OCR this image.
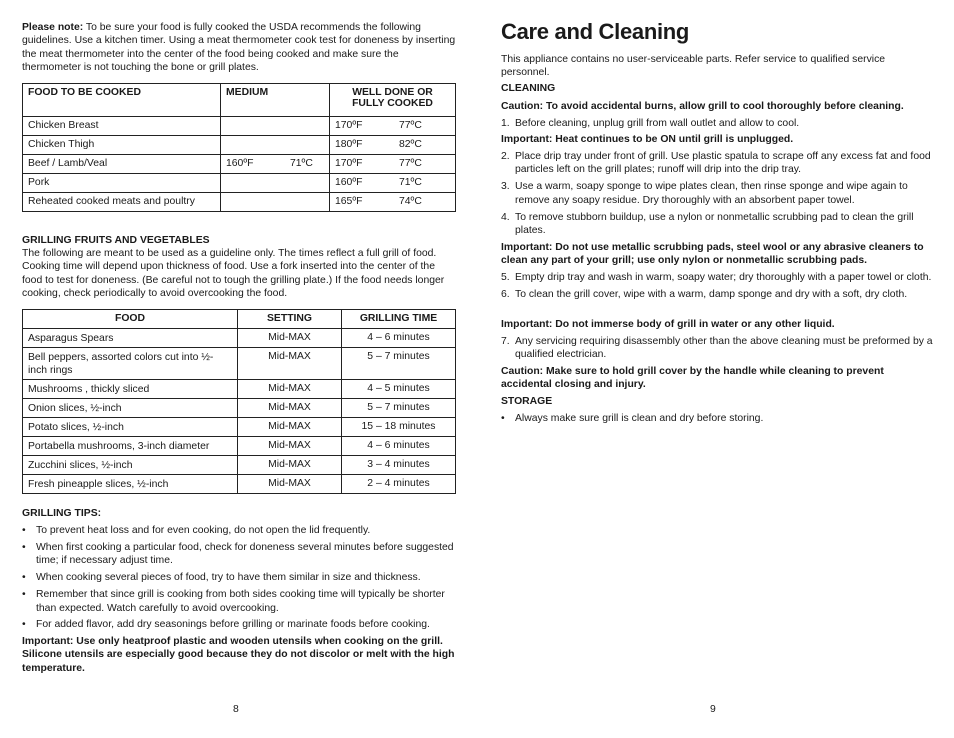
Please note: To be sure your food is fully cooked the USDA recommends the following guidelines. Use a kitchen timer. Using a meat thermometer cook test for doneness by inserting the meat thermometer into the center of the food being cooked and make sure the thermometer is not touching the bone or grill plates.

FOOD TO BE COOKED	MEDIUM	WELL DONE OR FULLY COOKED
Chicken Breast		170ºF 77ºC

Chicken Thigh		180ºF 82ºC

Beef / Lamb/Veal	160ºF 71ºC	170ºF 77ºC

Pork		160ºF 71ºC

Reheated cooked meats and poultry		165ºF 74ºC

GRILLING FRUITS AND VEGETABLES

The following are meant to be used as a guideline only. The times reflect a full grill of food. Cooking time will depend upon thickness of food. Use a fork inserted into the center of the food to test for doneness. (Be careful not to tough the grilling plate.) If the food needs longer cooking, check periodically to avoid overcooking the food.

FOOD	SETTING	GRILLING TIME
Asparagus Spears	Mid-MAX	4 – 6 minutes
Bell peppers, assorted colors cut into ½-inch rings	Mid-MAX	5 – 7 minutes
Mushrooms , thickly sliced	Mid-MAX	4 – 5 minutes
Onion slices, ½-inch	Mid-MAX	5 – 7 minutes
Potato slices, ½-inch	Mid-MAX	15 – 18 minutes
Portabella mushrooms, 3-inch diameter	Mid-MAX	4 – 6 minutes
Zucchini slices, ½-inch	Mid-MAX	3 – 4 minutes
Fresh pineapple slices, ½-inch	Mid-MAX	2 – 4 minutes

GRILLING TIPS:

• To prevent heat loss and for even cooking, do not open the lid frequently.
• When first cooking a particular food, check for doneness several minutes before suggested time; if necessary adjust time.
• When cooking several pieces of food, try to have them similar in size and thickness.
• Remember that since grill is cooking from both sides cooking time will typically be shorter than expected. Watch carefully to avoid overcooking.
• For added flavor, add dry seasonings before grilling or marinate foods before cooking.

Important: Use only heatproof plastic and wooden utensils when cooking on the grill. Silicone utensils are especially good because they do not discolor or melt with the high temperature.

8
Care and Cleaning

This appliance contains no user-serviceable parts. Refer service to qualified service personnel.

CLEANING

Caution: To avoid accidental burns, allow grill to cool thoroughly before cleaning.

1. Before cleaning, unplug grill from wall outlet and allow to cool.

Important: Heat continues to be ON until grill is unplugged.

2. Place drip tray under front of grill. Use plastic spatula to scrape off any excess fat and food particles left on the grill plates; runoff will drip into the drip tray.
3. Use a warm, soapy sponge to wipe plates clean, then rinse sponge and wipe again to remove any soapy residue. Dry thoroughly with an absorbent paper towel.
4. To remove stubborn buildup, use a nylon or nonmetallic scrubbing pad to clean the grill plates.

Important: Do not use metallic scrubbing pads, steel wool or any abrasive cleaners to clean any part of your grill; use only nylon or nonmetallic scrubbing pads.

5. Empty drip tray and wash in warm, soapy water; dry thoroughly with a paper towel or cloth.
6. To clean the grill cover, wipe with a warm, damp sponge and dry with a soft, dry cloth.

Important: Do not immerse body of grill in water or any other liquid.

7. Any servicing requiring disassembly other than the above cleaning must be preformed by a qualified electrician.

Caution: Make sure to hold grill cover by the handle while cleaning to prevent accidental closing and injury.

STORAGE

• Always make sure grill is clean and dry before storing.
9
